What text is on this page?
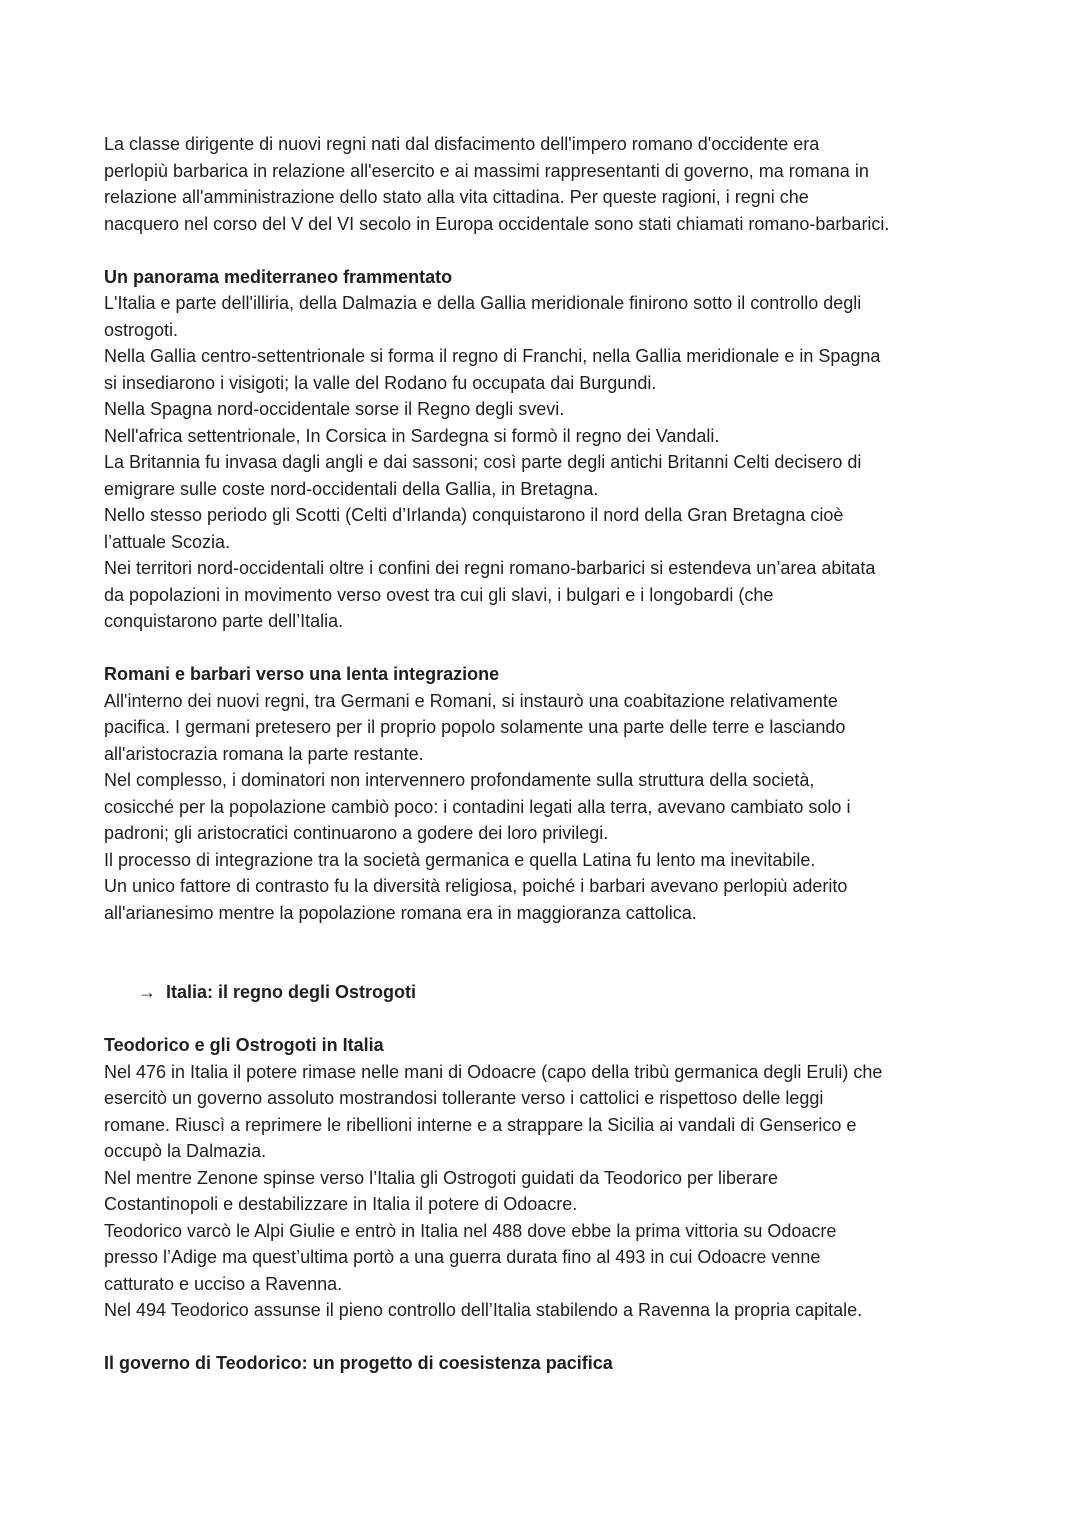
La classe dirigente di nuovi regni nati dal disfacimento dell'impero romano d'occidente era

perlopiù barbarica in relazione all'esercito e ai massimi rappresentanti di governo, ma romana in

relazione all'amministrazione dello stato alla vita cittadina. Per queste ragioni, i regni che

nacquero nel corso del V del VI secolo in Europa occidentale sono stati chiamati romano-barbarici.

Un panorama mediterraneo frammentato

L'Italia e parte dell'illiria, della Dalmazia e della Gallia meridionale finirono sotto il controllo degli

ostrogoti.

Nella Gallia centro-settentrionale si forma il regno di Franchi, nella Gallia meridionale e in Spagna

si insediarono i visigoti; la valle del Rodano fu occupata dai Burgundi.

Nella Spagna nord-occidentale sorse il Regno degli svevi.

Nell'africa settentrionale, In Corsica in Sardegna si formò il regno dei Vandali.

La Britannia fu invasa dagli angli e dai sassoni; così parte degli antichi Britanni Celti decisero di

emigrare sulle coste nord-occidentali della Gallia, in Bretagna.

Nello stesso periodo gli Scotti (Celti d’Irlanda) conquistarono il nord della Gran Bretagna cioè

l’attuale Scozia.

Nei territori nord-occidentali oltre i confini dei regni romano-barbarici si estendeva un’area abitata

da popolazioni in movimento verso ovest tra cui gli slavi, i bulgari e i longobardi (che

conquistarono parte dell’Italia.

Romani e barbari verso una lenta integrazione

All'interno dei nuovi regni, tra Germani e Romani, si instaurò una coabitazione relativamente

pacifica. I germani pretesero per il proprio popolo solamente una parte delle terre e lasciando

all'aristocrazia romana la parte restante.

Nel complesso, i dominatori non intervennero profondamente sulla struttura della società,

cosicché per la popolazione cambiò poco: i contadini legati alla terra, avevano cambiato solo i

padroni; gli aristocratici continuarono a godere dei loro privilegi.

Il processo di integrazione tra la società germanica e quella Latina fu lento ma inevitabile.

Un unico fattore di contrasto fu la diversità religiosa, poiché i barbari avevano perlopiù aderito

all'arianesimo mentre la popolazione romana era in maggioranza cattolica.

→ Italia: il regno degli Ostrogoti

Teodorico e gli Ostrogoti in Italia

Nel 476 in Italia il potere rimase nelle mani di Odoacre (capo della tribù germanica degli Eruli) che

esercitò un governo assoluto mostrandosi tollerante verso i cattolici e rispettoso delle leggi

romane. Riuscì a reprimere le ribellioni interne e a strappare la Sicilia ai vandali di Genserico e

occupò la Dalmazia.

Nel mentre Zenone spinse verso l’Italia gli Ostrogoti guidati da Teodorico per liberare

Costantinopoli e destabilizzare in Italia il potere di Odoacre.

Teodorico varcò le Alpi Giulie e entrò in Italia nel 488 dove ebbe la prima vittoria su Odoacre

presso l’Adige ma quest’ultima portò a una guerra durata fino al 493 in cui Odoacre venne

catturato e ucciso a Ravenna.

Nel 494 Teodorico assunse il pieno controllo dell’Italia stabilendo a Ravenna la propria capitale.

Il governo di Teodorico: un progetto di coesistenza pacifica
